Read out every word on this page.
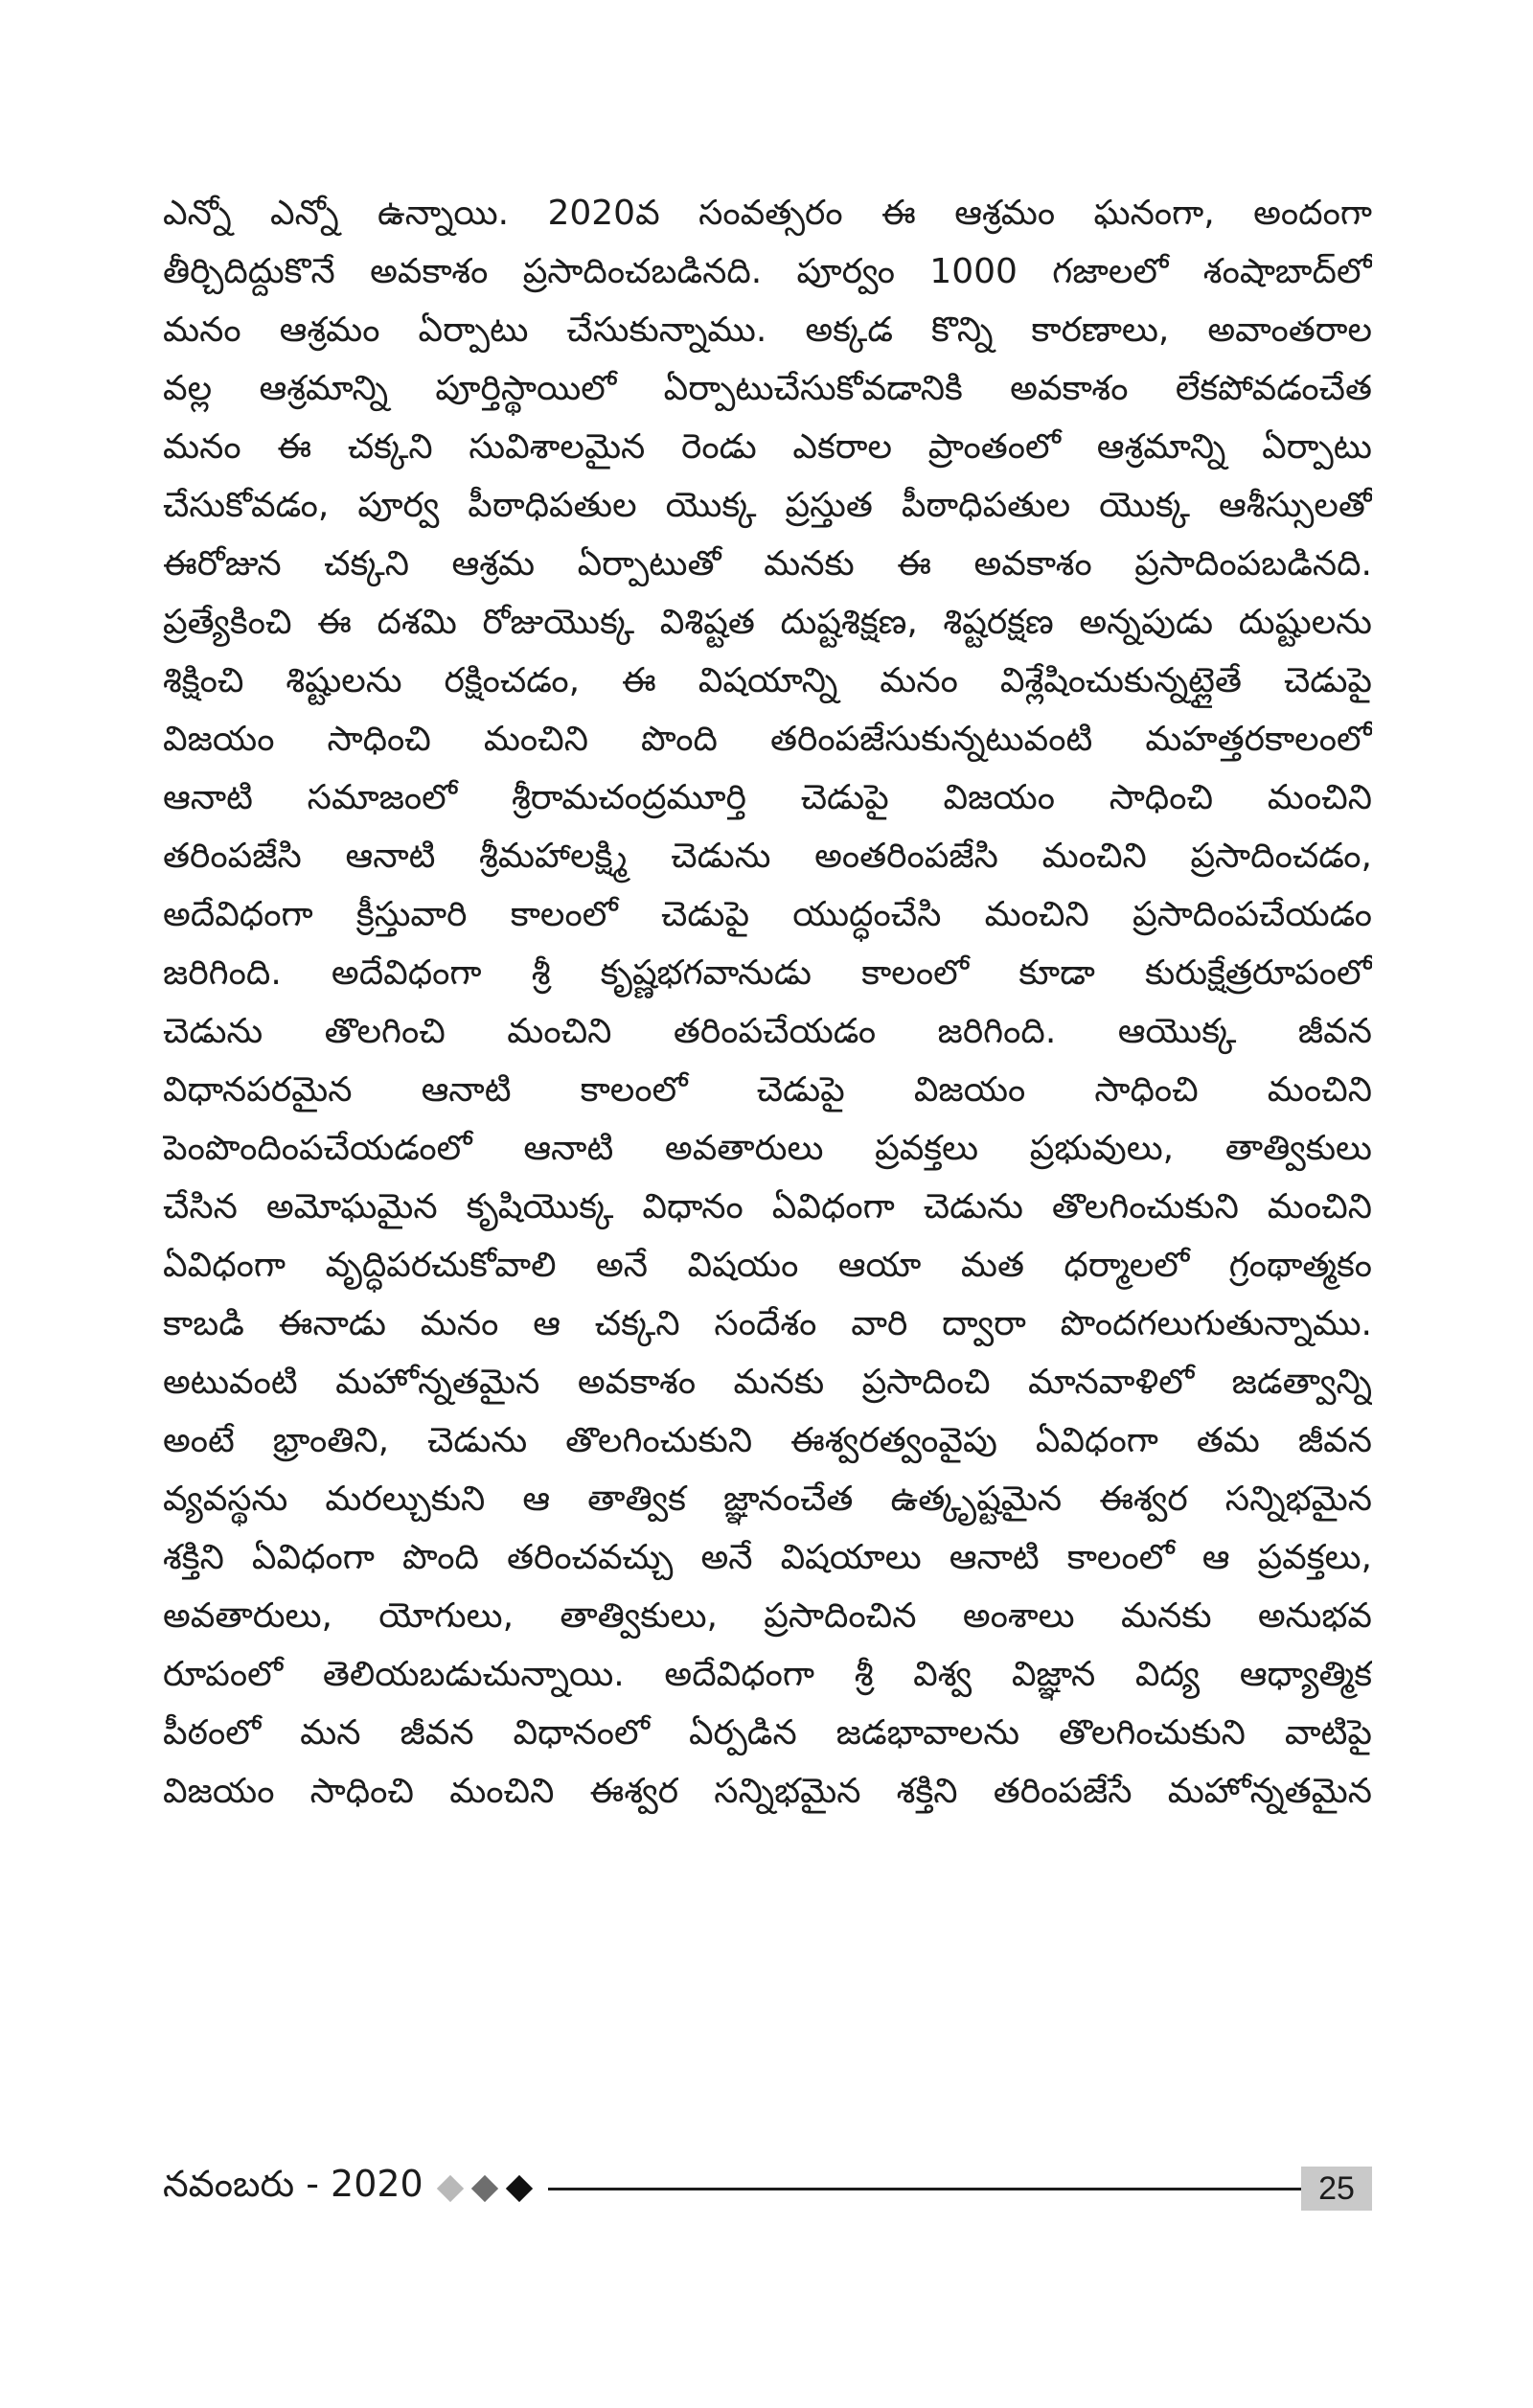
ఎన్నో ఎన్నో ఉన్నాయి. 2020వ సంవత్సరం ఈ ఆశ్రమం ఘనంగా, అందంగా
తీర్చిదిద్దుకొనే అవకాశం ప్రసాదించబడినది. పూర్వం 1000 గజాలలో శంషాబాద్‌లో
మనం ఆశ్రమం ఏర్పాటు చేసుకున్నాము. అక్కడ కొన్ని కారణాలు, అవాంతరాల
వల్ల ఆశ్రమాన్ని పూర్తిస్థాయిలో ఏర్పాటుచేసుకోవడానికి అవకాశం లేకపోవడంచేత
మనం ఈ చక్కని సువిశాలమైన రెండు ఎకరాల ప్రాంతంలో ఆశ్రమాన్ని ఏర్పాటు
చేసుకోవడం, పూర్వ పీఠాధిపతుల యొక్క ప్రస్తుత పీఠాధిపతుల యొక్క ఆశీస్సులతో
ఈరోజున చక్కని ఆశ్రమ ఏర్పాటుతో మనకు ఈ అవకాశం ప్రసాదింపబడినది.
ప్రత్యేకించి ఈ దశమి రోజుయొక్క విశిష్టత దుష్టశిక్షణ, శిష్టరక్షణ అన్నపుడు దుష్టులను
శిక్షించి శిష్టులను రక్షించడం, ఈ విషయాన్ని మనం విశ్లేషించుకున్నట్లైతే చెడుపై
విజయం సాధించి మంచిని పొంది తరింపజేసుకున్నటువంటి మహత్తరకాలంలో
ఆనాటి సమాజంలో శ్రీరామచంద్రమూర్తి చెడుపై విజయం సాధించి మంచిని
తరింపజేసి ఆనాటి శ్రీమహాలక్ష్మి చెడును అంతరింపజేసి మంచిని ప్రసాదించడం,
అదేవిధంగా క్రీస్తువారి కాలంలో చెడుపై యుద్ధంచేసి మంచిని ప్రసాదింపచేయడం
జరిగింది. అదేవిధంగా శ్రీ కృష్ణభగవానుడు కాలంలో కూడా కురుక్షేత్రరూపంలో
చెడును తొలగించి మంచిని తరింపచేయడం జరిగింది. ఆయొక్క జీవన
విధానపరమైన ఆనాటి కాలంలో చెడుపై విజయం సాధించి మంచిని
పెంపొందింపచేయడంలో ఆనాటి అవతారులు ప్రవక్తలు ప్రభువులు, తాత్వికులు
చేసిన అమోఘమైన కృషియొక్క విధానం ఏవిధంగా చెడును తొలగించుకుని మంచిని
ఏవిధంగా వృద్ధిపరచుకోవాలి అనే విషయం ఆయా మత ధర్మాలలో గ్రంథాత్మకం
కాబడి ఈనాడు మనం ఆ చక్కని సందేశం వారి ద్వారా పొందగలుగుతున్నాము.
అటువంటి మహోన్నతమైన అవకాశం మనకు ప్రసాదించి మానవాళిలో జడత్వాన్ని
అంటే భ్రాంతిని, చెడును తొలగించుకుని ఈశ్వరత్వంవైపు ఏవిధంగా తమ జీవన
వ్యవస్థను మరల్చుకుని ఆ తాత్విక జ్ఞానంచేత ఉత్కృష్టమైన ఈశ్వర సన్నిభమైన
శక్తిని ఏవిధంగా పొంది తరించవచ్చు అనే విషయాలు ఆనాటి కాలంలో ఆ ప్రవక్తలు,
అవతారులు, యోగులు, తాత్వికులు, ప్రసాదించిన అంశాలు మనకు అనుభవ
రూపంలో తెలియబడుచున్నాయి. అదేవిధంగా శ్రీ విశ్వ విజ్ఞాన విద్య ఆధ్యాత్మిక
పీఠంలో మన జీవన విధానంలో ఏర్పడిన జడభావాలను తొలగించుకుని వాటిపై
విజయం సాధించి మంచిని ఈశ్వర సన్నిభమైన శక్తిని తరింపజేసే మహోన్నతమైన
నవంబరు - 2020	25
